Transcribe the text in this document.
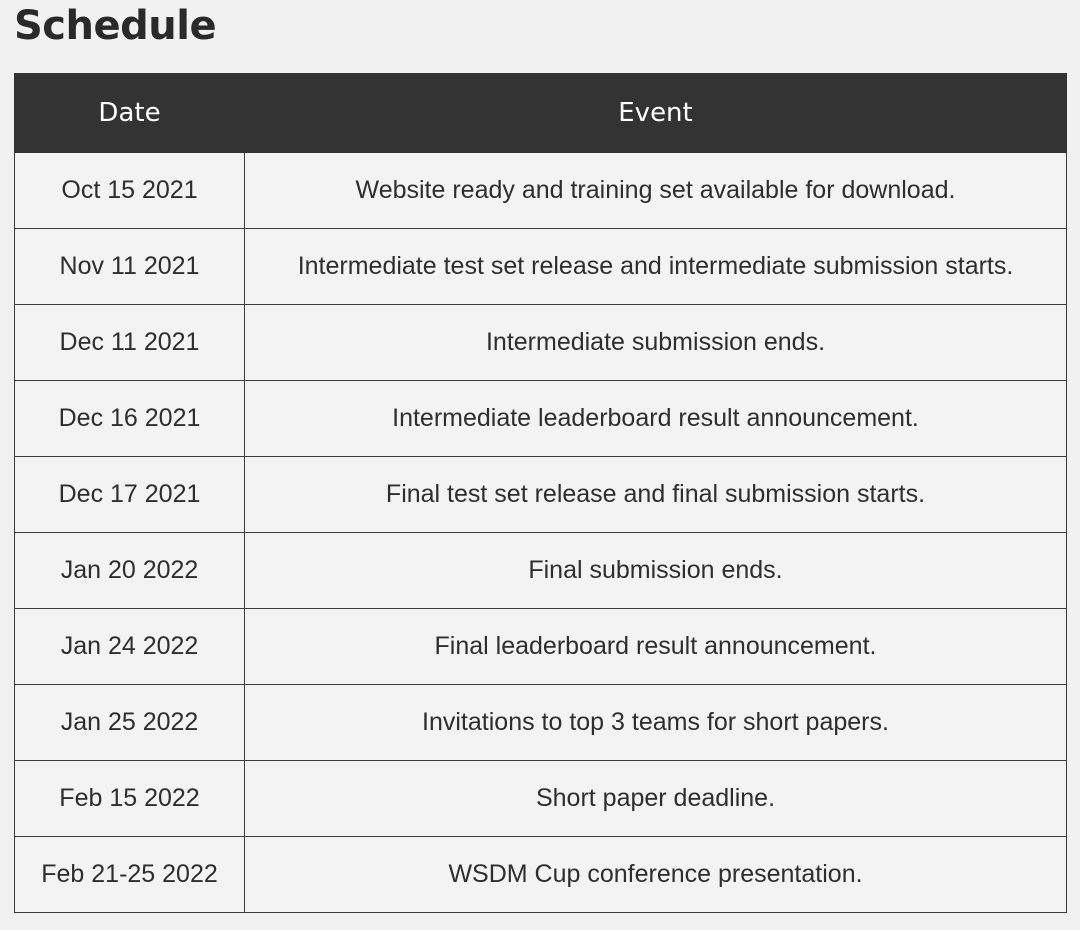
Schedule
Date	Event
Oct 15 2021	Website ready and training set available for download.
Nov 11 2021	Intermediate test set release and intermediate submission starts.
Dec 11 2021	Intermediate submission ends.
Dec 16 2021	Intermediate leaderboard result announcement.
Dec 17 2021	Final test set release and final submission starts.
Jan 20 2022	Final submission ends.
Jan 24 2022	Final leaderboard result announcement.
Jan 25 2022	Invitations to top 3 teams for short papers.
Feb 15 2022	Short paper deadline.
Feb 21-25 2022	WSDM Cup conference presentation.
